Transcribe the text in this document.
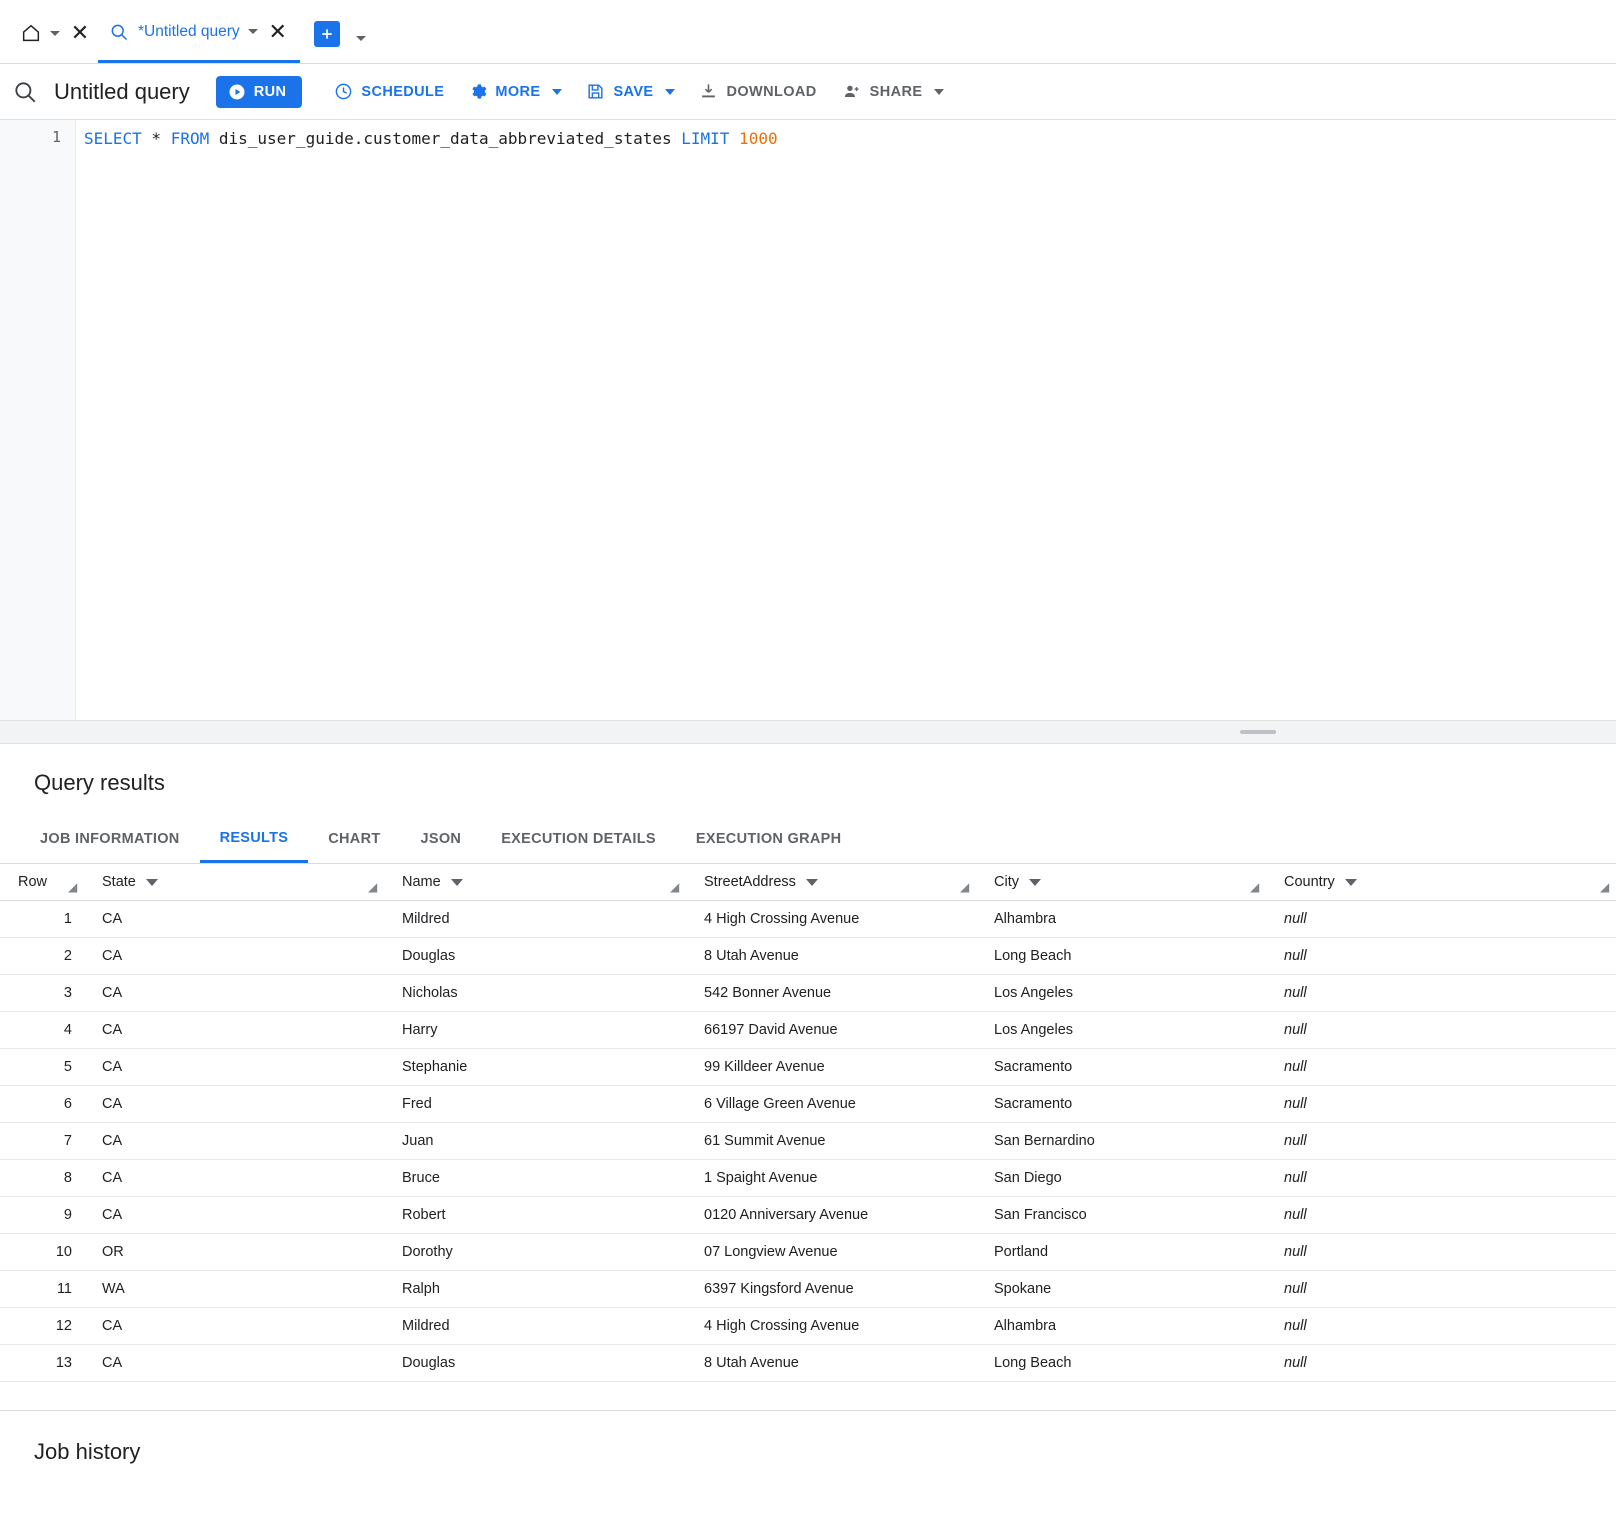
✕	*Untitled query ✕
Untitled query	RUN	SCHEDULE	MORE	SAVE	DOWNLOAD	SHARE
1	SELECT * FROM dis_user_guide.customer_data_abbreviated_states LIMIT 1000
Query results
JOB INFORMATION	RESULTS	CHART	JSON	EXECUTION DETAILS	EXECUTION GRAPH
Row ◢	State ◢	Name ◢	StreetAddress ◢	City ◢	Country ◢

1	CA	Mildred	4 High Crossing Avenue	Alhambra	null
2	CA	Douglas	8 Utah Avenue	Long Beach	null
3	CA	Nicholas	542 Bonner Avenue	Los Angeles	null
4	CA	Harry	66197 David Avenue	Los Angeles	null
5	CA	Stephanie	99 Killdeer Avenue	Sacramento	null
6	CA	Fred	6 Village Green Avenue	Sacramento	null
7	CA	Juan	61 Summit Avenue	San Bernardino	null
8	CA	Bruce	1 Spaight Avenue	San Diego	null
9	CA	Robert	0120 Anniversary Avenue	San Francisco	null
10	OR	Dorothy	07 Longview Avenue	Portland	null
11	WA	Ralph	6397 Kingsford Avenue	Spokane	null
12	CA	Mildred	4 High Crossing Avenue	Alhambra	null
13	CA	Douglas	8 Utah Avenue	Long Beach	null
Job history
